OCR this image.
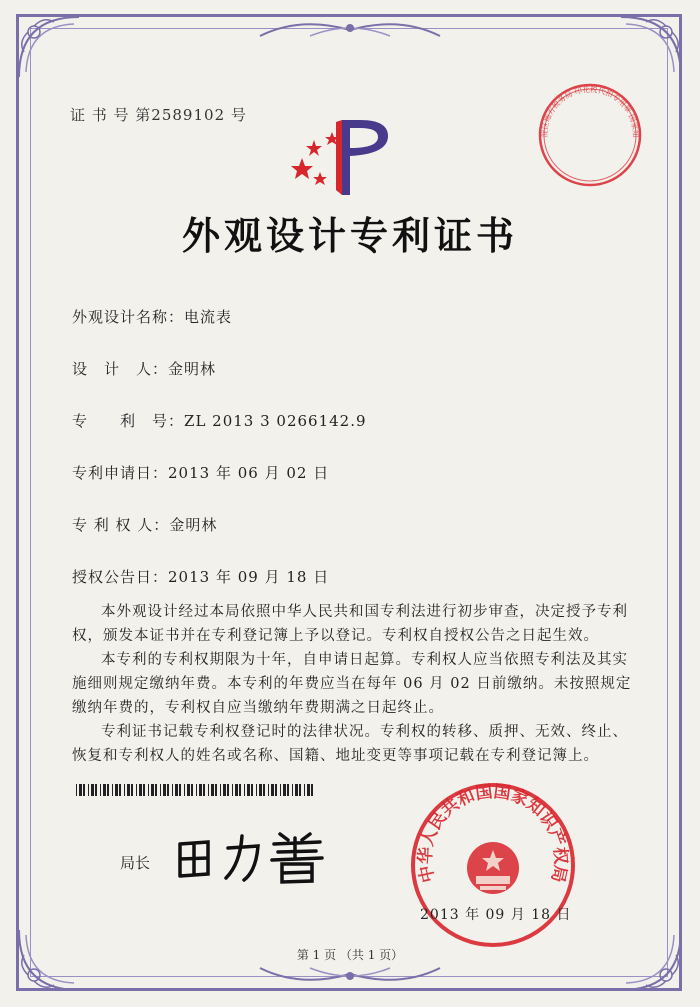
证 书 号 第2589102 号
外观设计专利证书
外观设计名称：电流表
设　计　人：金明林
专　　利　号：ZL 2013 3 0266142.9
专利申请日：2013 年 06 月 02 日
专 利 权 人：金明林
授权公告日：2013 年 09 月 18 日

本外观设计经过本局依照中华人民共和国专利法进行初步审查，决定授予专利权，颁发本证书并在专利登记簿上予以登记。专利权自授权公告之日起生效。

本专利的专利权期限为十年，自申请日起算。专利权人应当依照专利法及其实施细则规定缴纳年费。本专利的年费应当在每年 06 月 02 日前缴纳。未按照规定缴纳年费的，专利权自应当缴纳年费期满之日起终止。

专利证书记载专利权登记时的法律状况。专利权的转移、质押、无效、终止、恢复和专利权人的姓名或名称、国籍、地址变更等事项记载在专利登记簿上。

局长
中华人民共和国国家知识产权局
2013 年 09 月 18 日
淀区地方税务局 印花税代扣专用章 国家知
第 1 页 （共 1 页）
